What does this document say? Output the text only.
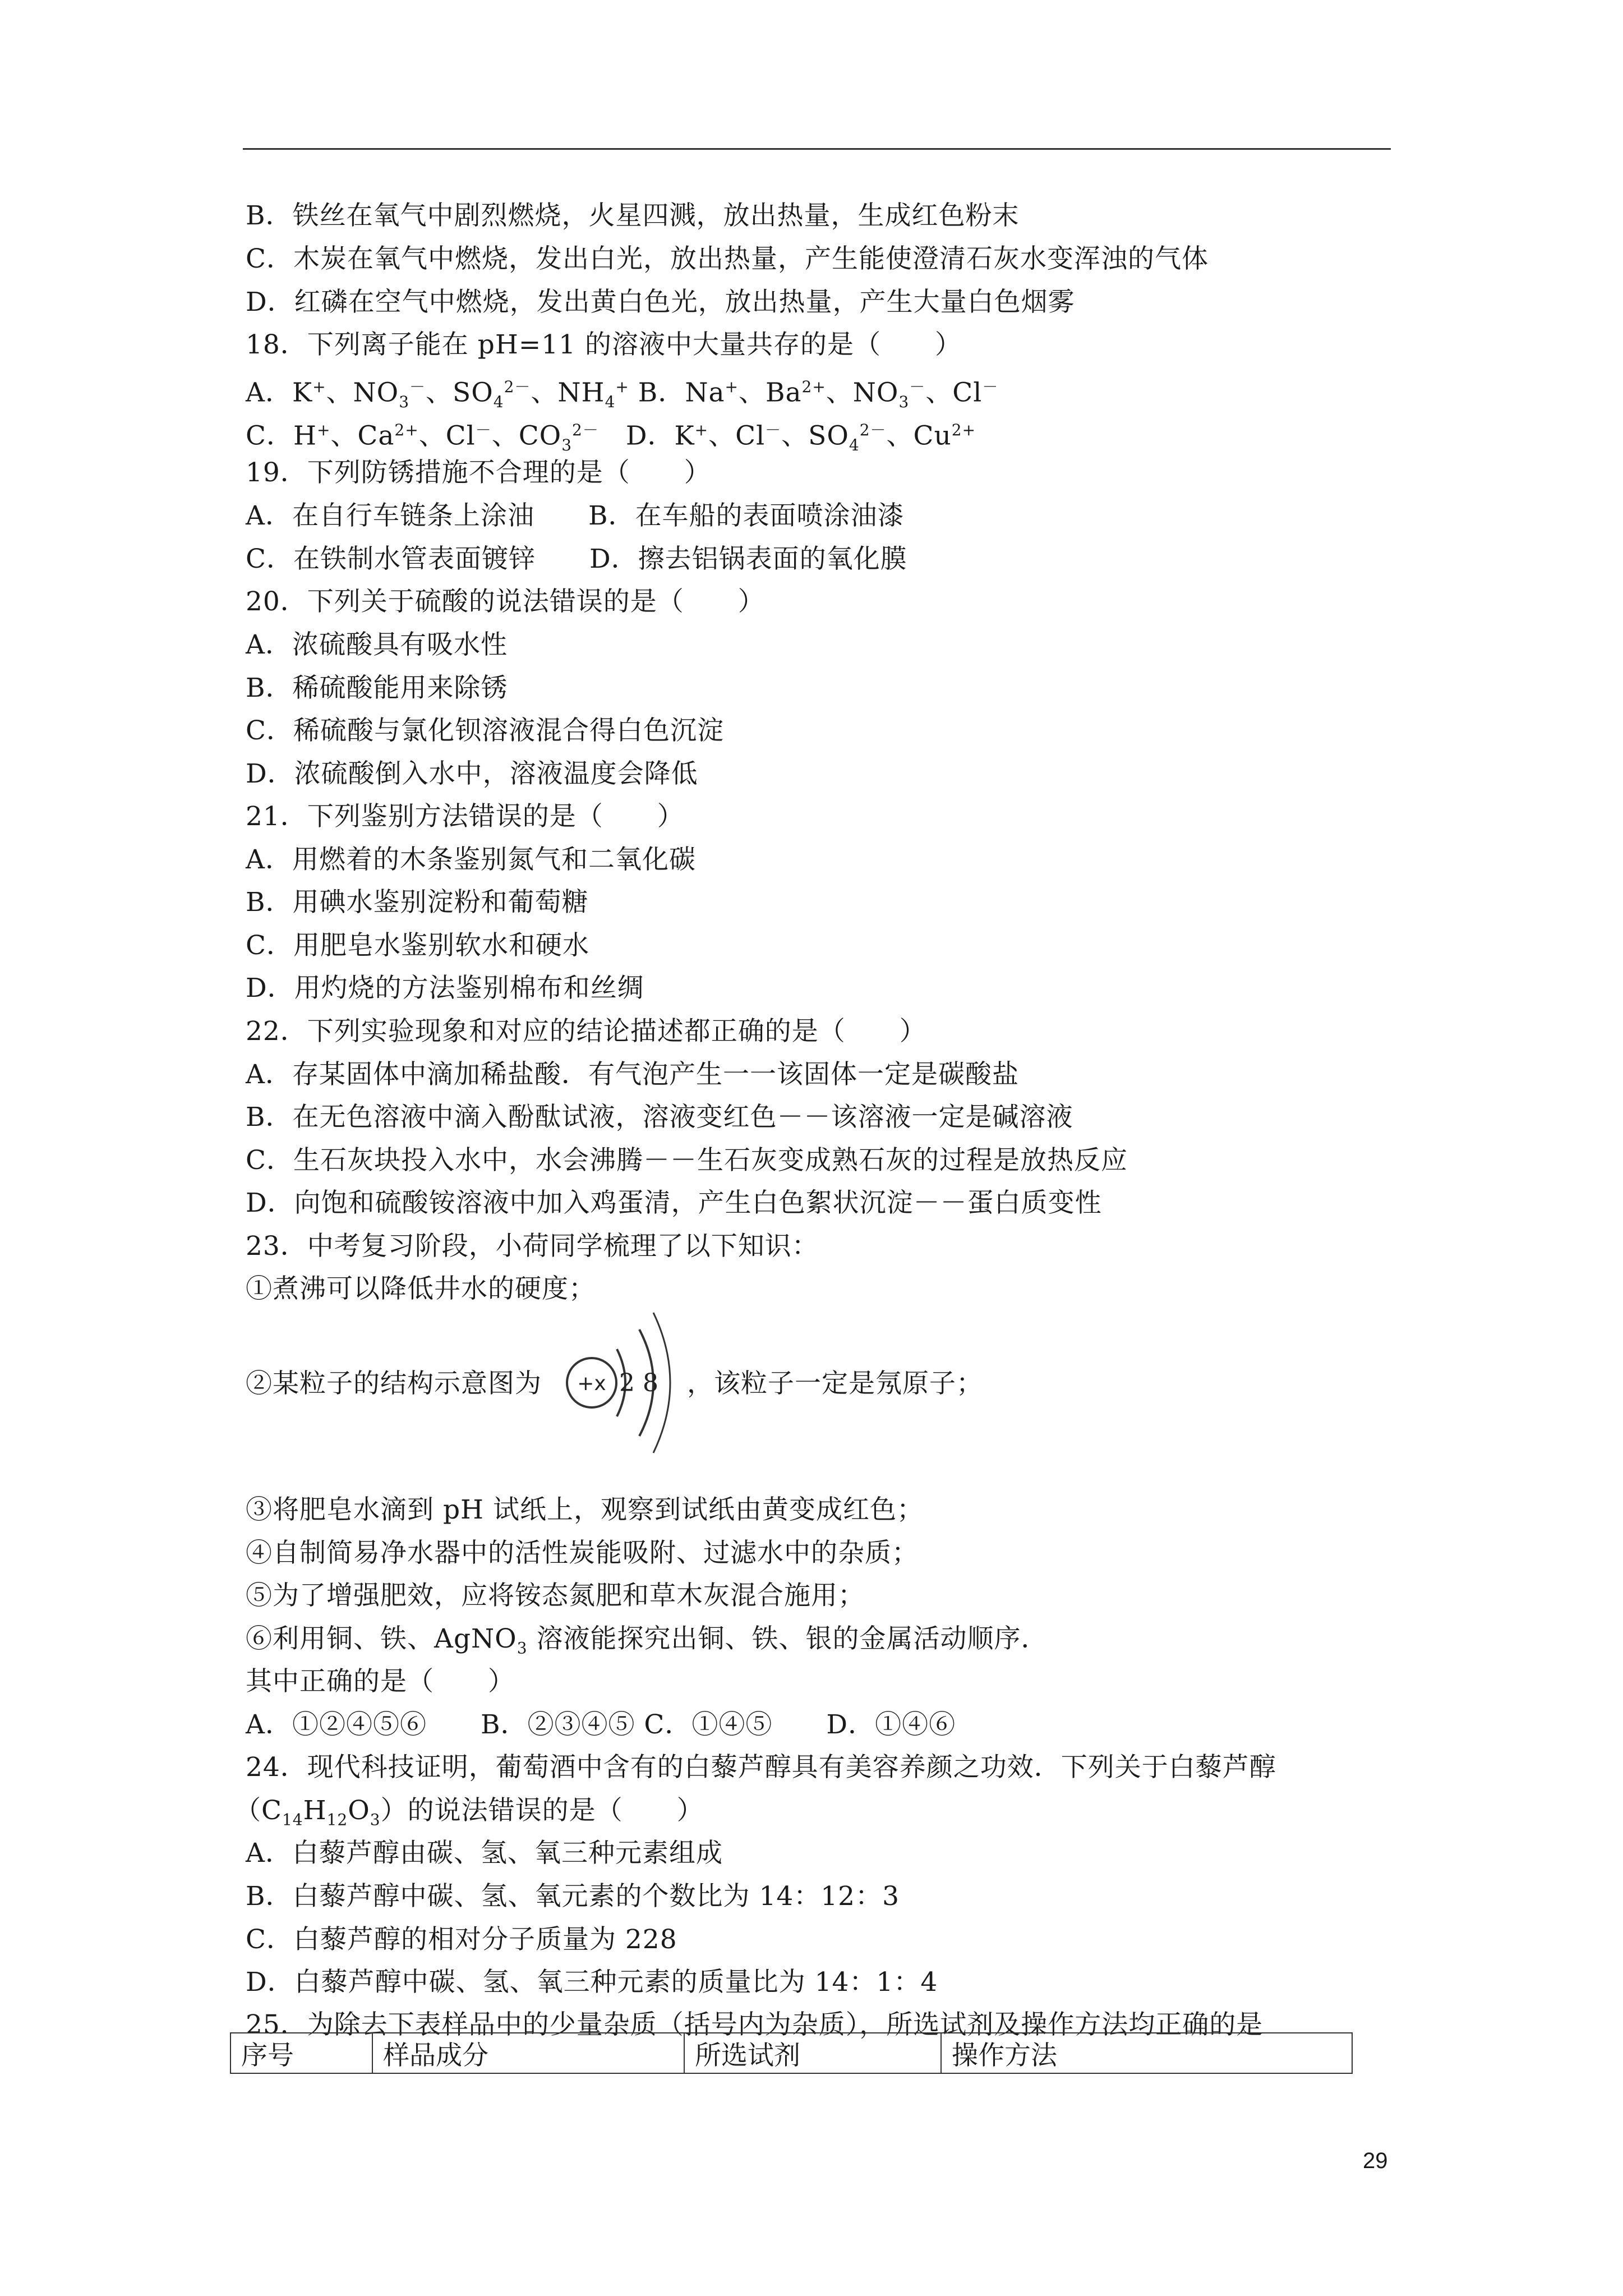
B．铁丝在氧气中剧烈燃烧，火星四溅，放出热量，生成红色粉末
C．木炭在氧气中燃烧，发出白光，放出热量，产生能使澄清石灰水变浑浊的气体
D．红磷在空气中燃烧，发出黄白色光，放出热量，产生大量白色烟雾
18．下列离子能在 pH=11 的溶液中大量共存的是（　　）
A．K+、$NO_3^-$、$SO_4^{2-}$、$NH_4^+$ B．Na+、$Ba^{2+}$、$NO_3^-$、Cl－
C．H+、$Ca^{2+}$、Cl－、$CO_3^{2-}$　D．K+、Cl－、$SO_4^{2-}$、$Cu^{2+}$
19．下列防锈措施不合理的是（　　）
A．在自行车链条上涂油　　B．在车船的表面喷涂油漆
C．在铁制水管表面镀锌　　D．擦去铝锅表面的氧化膜
20．下列关于硫酸的说法错误的是（　　）
A．浓硫酸具有吸水性
B．稀硫酸能用来除锈
C．稀硫酸与氯化钡溶液混合得白色沉淀
D．浓硫酸倒入水中，溶液温度会降低
21．下列鉴别方法错误的是（　　）
A．用燃着的木条鉴别氮气和二氧化碳
B．用碘水鉴别淀粉和葡萄糖
C．用肥皂水鉴别软水和硬水
D．用灼烧的方法鉴别棉布和丝绸
22．下列实验现象和对应的结论描述都正确的是（　　）
A．存某固体中滴加稀盐酸．有气泡产生一一该固体一定是碳酸盐
B．在无色溶液中滴入酚酞试液，溶液变红色－－该溶液一定是碱溶液
C．生石灰块投入水中，水会沸腾－－生石灰变成熟石灰的过程是放热反应
D．向饱和硫酸铵溶液中加入鸡蛋清，产生白色絮状沉淀－－蛋白质变性
23．中考复习阶段，小荷同学梳理了以下知识：
①煮沸可以降低井水的硬度；
②某粒子的结构示意图为 +x 2 8 ，该粒子一定是氖原子；
③将肥皂水滴到 pH 试纸上，观察到试纸由黄变成红色；
④自制简易净水器中的活性炭能吸附、过滤水中的杂质；
⑤为了增强肥效，应将铵态氮肥和草木灰混合施用；
⑥利用铜、铁、AgNO$_3$ 溶液能探究出铜、铁、银的金属活动顺序．
其中正确的是（　　）
A．①②④⑤⑥　　B．②③④⑤ C．①④⑤　　D．①④⑥
24．现代科技证明，葡萄酒中含有的白藜芦醇具有美容养颜之功效．下列关于白藜芦醇
$(C_{14}H_{12}O_3)$的说法错误的是（　　）
A．白藜芦醇由碳、氢、氧三种元素组成
B．白藜芦醇中碳、氢、氧元素的个数比为 14：12：3
C．白藜芦醇的相对分子质量为 228
D．白藜芦醇中碳、氢、氧三种元素的质量比为 14：1：4
25．为除去下表样品中的少量杂质（括号内为杂质），所选试剂及操作方法均正确的是
序号	样品成分	所选试剂	操作方法
29
